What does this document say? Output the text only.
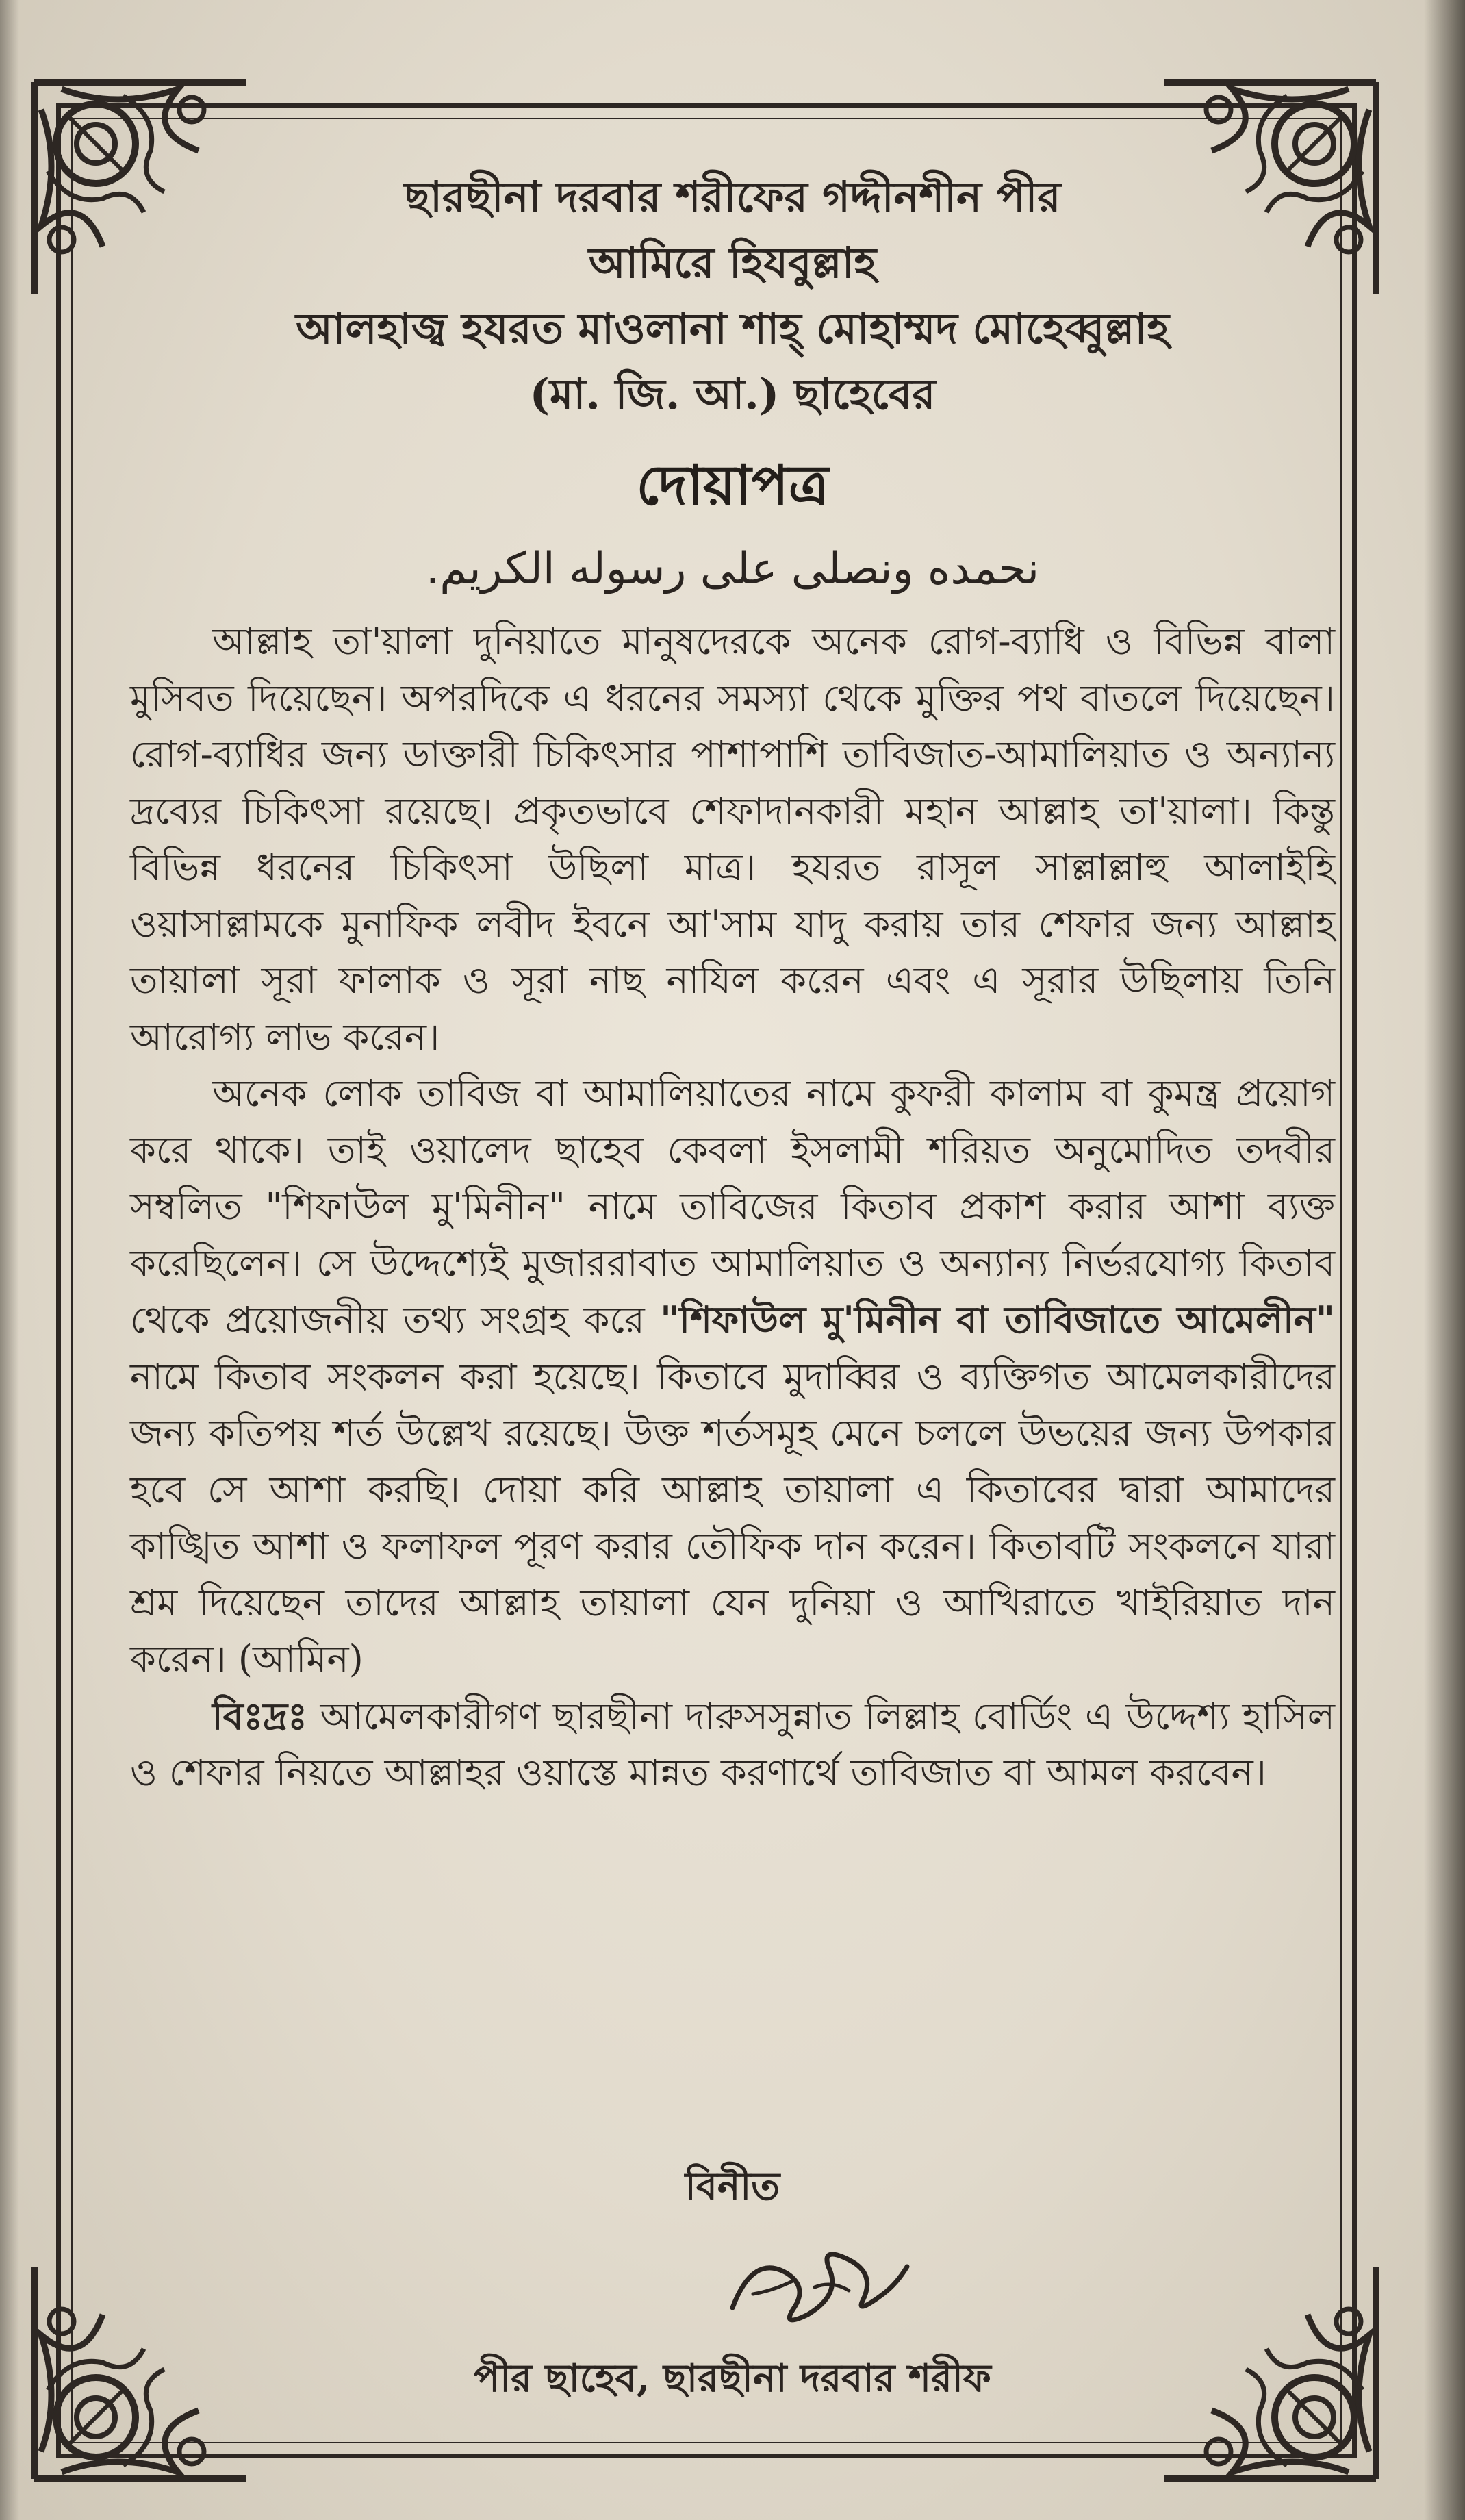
ছারছীনা দরবার শরীফের গদ্দীনশীন পীর
আমিরে হিযবুল্লাহ
আলহাজ্ব হযরত মাওলানা শাহ্ মোহাম্মদ মোহেব্বুল্লাহ
(মা. জি. আ.) ছাহেবের
দোয়াপত্র
نحمده ونصلى على رسوله الكريم.

আল্লাহ তা'য়ালা দুনিয়াতে মানুষদেরকে অনেক রোগ-ব্যাধি ও বিভিন্ন বালা মুসিবত দিয়েছেন। অপরদিকে এ ধরনের সমস্যা থেকে মুক্তির পথ বাতলে দিয়েছেন। রোগ-ব্যাধির জন্য ডাক্তারী চিকিৎসার পাশাপাশি তাবিজাত-আমালিয়াত ও অন্যান্য দ্রব্যের চিকিৎসা রয়েছে। প্রকৃতভাবে শেফাদানকারী মহান আল্লাহ তা'য়ালা। কিন্তু বিভিন্ন ধরনের চিকিৎসা উছিলা মাত্র। হযরত রাসূল সাল্লাল্লাহু আলাইহি ওয়াসাল্লামকে মুনাফিক লবীদ ইবনে আ'সাম যাদু করায় তার শেফার জন্য আল্লাহ তায়ালা সূরা ফালাক ও সূরা নাছ নাযিল করেন এবং এ সূরার উছিলায় তিনি আরোগ্য লাভ করেন।

অনেক লোক তাবিজ বা আমালিয়াতের নামে কুফরী কালাম বা কুমন্ত্র প্রয়োগ করে থাকে। তাই ওয়ালেদ ছাহেব কেবলা ইসলামী শরিয়ত অনুমোদিত তদবীর সম্বলিত "শিফাউল মু'মিনীন" নামে তাবিজের কিতাব প্রকাশ করার আশা ব্যক্ত করেছিলেন। সে উদ্দেশ্যেই মুজাররাবাত আমালিয়াত ও অন্যান্য নির্ভরযোগ্য কিতাব থেকে প্রয়োজনীয় তথ্য সংগ্রহ করে "শিফাউল মু'মিনীন বা তাবিজাতে আমেলীন" নামে কিতাব সংকলন করা হয়েছে। কিতাবে মুদাব্বির ও ব্যক্তিগত আমেলকারীদের জন্য কতিপয় শর্ত উল্লেখ রয়েছে। উক্ত শর্তসমূহ মেনে চললে উভয়ের জন্য উপকার হবে সে আশা করছি। দোয়া করি আল্লাহ তায়ালা এ কিতাবের দ্বারা আমাদের কাঙ্খিত আশা ও ফলাফল পূরণ করার তৌফিক দান করেন। কিতাবটি সংকলনে যারা শ্রম দিয়েছেন তাদের আল্লাহ তায়ালা যেন দুনিয়া ও আখিরাতে খাইরিয়াত দান করেন। (আমিন)

বিঃদ্রঃ আমেলকারীগণ ছারছীনা দারুসসুন্নাত লিল্লাহ বোর্ডিং এ উদ্দেশ্য হাসিল ও শেফার নিয়তে আল্লাহর ওয়াস্তে মান্নত করণার্থে তাবিজাত বা আমল করবেন।

বিনীত
পীর ছাহেব, ছারছীনা দরবার শরীফ
